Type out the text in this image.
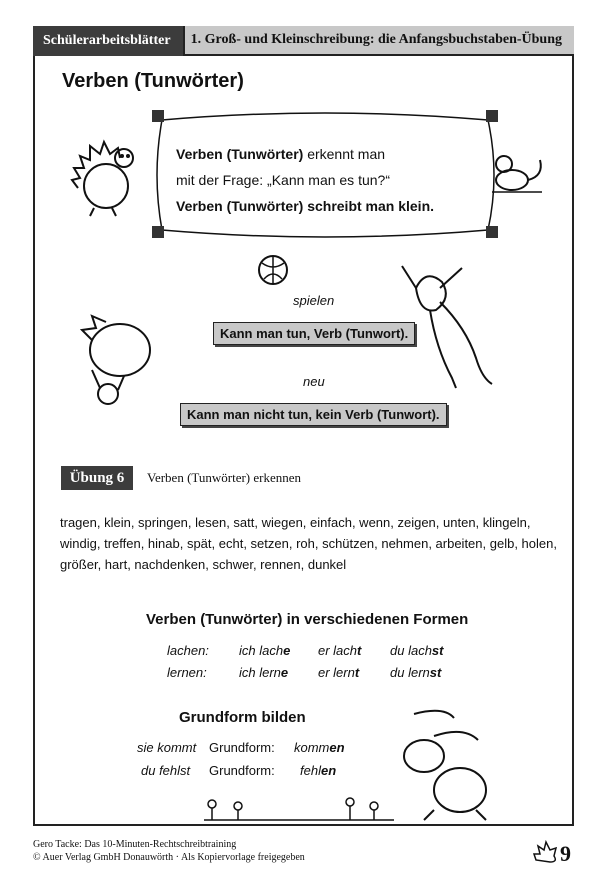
Schülerarbeitsblätter	1. Groß- und Kleinschreibung: die Anfangsbuchstaben-Übung
Verben (Tunwörter)
Verben (Tunwörter) erkennt man
mit der Frage: „Kann man es tun?“
Verben (Tunwörter) schreibt man klein.
spielen
Kann man tun, Verb (Tunwort).
neu
Kann man nicht tun, kein Verb (Tunwort).
Übung 6	Verben (Tunwörter) erkennen
tragen, klein, springen, lesen, satt, wiegen, einfach, wenn, zeigen, unten, klingeln, windig, treffen, hinab, spät, echt, setzen, roh, schützen, nehmen, arbeiten, gelb, holen, größer, hart, nachdenken, schwer, rennen, dunkel
Verben (Tunwörter) in verschiedenen Formen
lachen: ich lache er lacht du lachst
lernen: ich lerne er lernt du lernst
Grundform bilden
sie kommt Grundform: kommen
du fehlst Grundform: fehlen
Gero Tacke: Das 10-Minuten-Rechtschreibtraining
© Auer Verlag GmbH Donauwörth · Als Kopiervorlage freigegeben	9
